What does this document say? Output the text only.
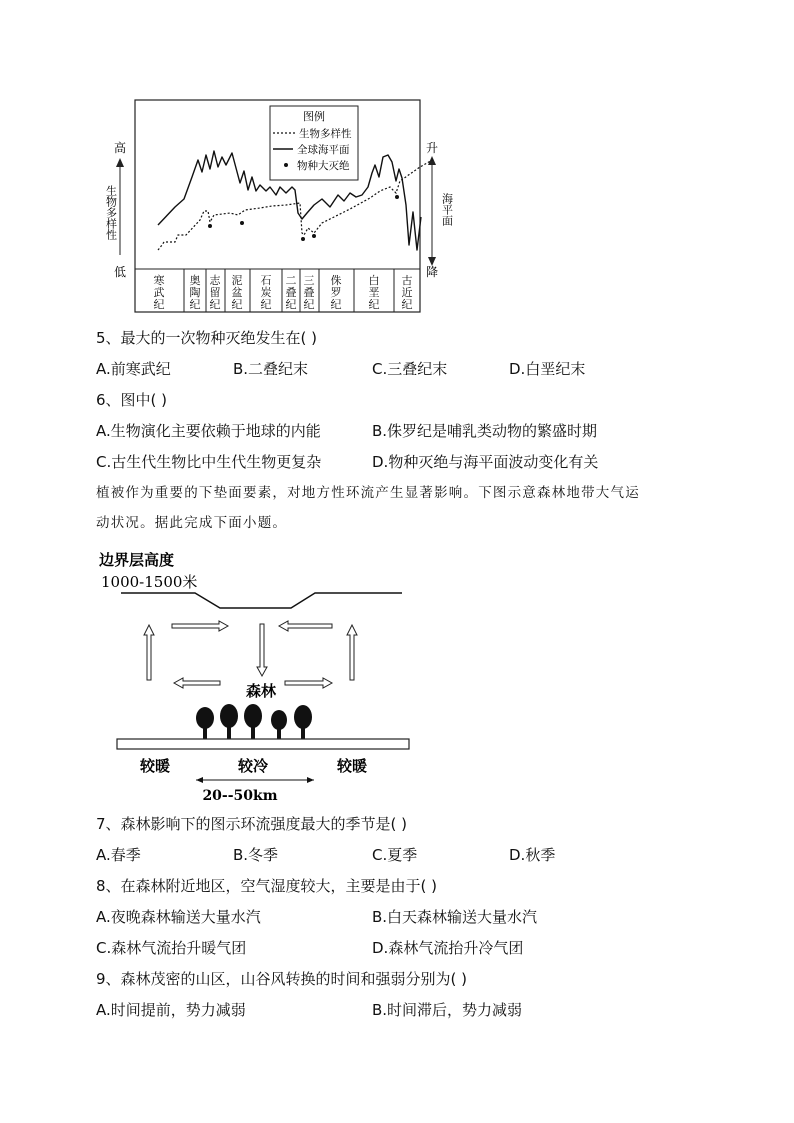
寒武纪
奥陶纪
志留纪
泥盆纪
石炭纪
二叠纪
三叠纪
侏罗纪
白垩纪
古近纪
高
生物多样性
低
升
海平面
降
图例
生物多样性
全球海平面
物种大灭绝
5、最大的一次物种灭绝发生在( )
A.前寒武纪	B.二叠纪末	C.三叠纪末	D.白垩纪末
6、图中( )
A.生物演化主要依赖于地球的内能	B.侏罗纪是哺乳类动物的繁盛时期
C.古生代生物比中生代生物更复杂	D.物种灭绝与海平面波动变化有关
植被作为重要的下垫面要素，对地方性环流产生显著影响。下图示意森林地带大气运
动状况。据此完成下面小题。
边界层高度
1000-1500米
森林
较暖	较冷	较暖
20--50km
7、森林影响下的图示环流强度最大的季节是( )
A.春季	B.冬季	C.夏季	D.秋季
8、在森林附近地区，空气湿度较大，主要是由于( )
A.夜晚森林输送大量水汽	B.白天森林输送大量水汽
C.森林气流抬升暖气团	D.森林气流抬升冷气团
9、森林茂密的山区，山谷风转换的时间和强弱分别为( )
A.时间提前，势力减弱	B.时间滞后，势力减弱
